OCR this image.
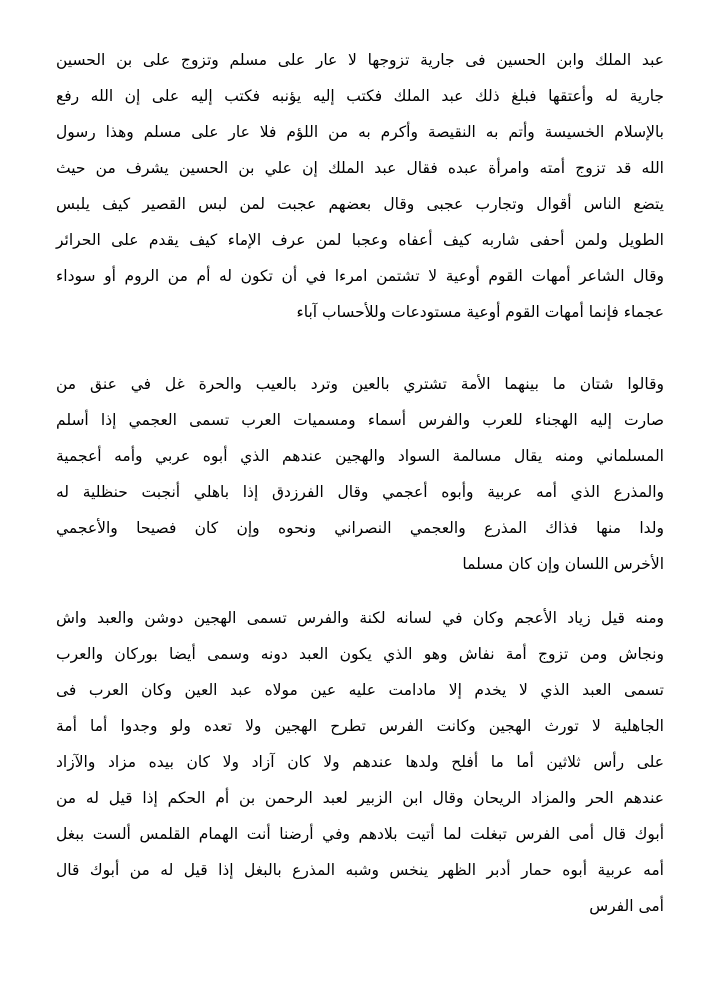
عبد الملك وابن الحسين فى جارية تزوجها لا عار على مسلم وتزوج على بن الحسين
جارية له وأعتقها فبلغ ذلك عبد الملك فكتب إليه يؤنبه فكتب إليه على إن الله رفع
بالإسلام الخسيسة وأتم به النقيصة وأكرم به من اللؤم فلا عار على مسلم وهذا رسول
الله قد تزوج أمته وامرأة عبده فقال عبد الملك إن علي بن الحسين يشرف من حيث
يتضع الناس أقوال وتجارب عجبى وقال بعضهم عجبت لمن لبس القصير كيف يلبس
الطويل ولمن أحفى شاربه كيف أعفاه وعجبا لمن عرف الإماء كيف يقدم على الحرائر
وقال الشاعر أمهات القوم أوعية لا تشتمن امرءا في أن تكون له أم من الروم أو سوداء
عجماء فإنما أمهات القوم أوعية مستودعات وللأحساب آباء
وقالوا شتان ما بينهما الأمة تشتري بالعين وترد بالعيب والحرة غل في عنق من
صارت إليه الهجناء للعرب والفرس أسماء ومسميات العرب تسمى العجمي إذا أسلم
المسلماني ومنه يقال مسالمة السواد والهجين عندهم الذي أبوه عربي وأمه أعجمية
والمذرع الذي أمه عربية وأبوه أعجمي وقال الفرزدق إذا باهلي أنجبت حنظلية له
ولدا منها فذاك المذرع والعجمي النصراني ونحوه وإن كان فصيحا والأعجمي
الأخرس اللسان وإن كان مسلما
ومنه قيل زياد الأعجم وكان في لسانه لكنة والفرس تسمى الهجين دوشن والعبد واش
ونجاش ومن تزوج أمة نفاش وهو الذي يكون العبد دونه وسمى أيضا بوركان والعرب
تسمى العبد الذي لا يخدم إلا مادامت عليه عين مولاه عبد العين وكان العرب فى
الجاهلية لا تورث الهجين وكانت الفرس تطرح الهجين ولا تعده ولو وجدوا أما أمة
على رأس ثلاثين أما ما أفلح ولدها عندهم ولا كان آزاد ولا كان بيده مزاد والآزاد
عندهم الحر والمزاد الريحان وقال ابن الزبير لعبد الرحمن بن أم الحكم إذا قيل له من
أبوك قال أمى الفرس تبغلت لما أتيت بلادهم وفي أرضنا أنت الهمام القلمس ألست ببغل
أمه عربية أبوه حمار أدبر الظهر ينخس وشبه المذرع بالبغل إذا قيل له من أبوك قال
أمى الفرس
